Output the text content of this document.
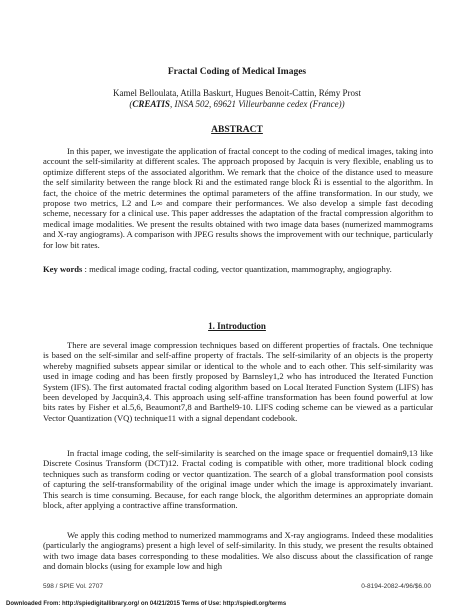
Fractal Coding of Medical Images
Kamel Belloulata, Atilla Baskurt, Hugues Benoit-Cattin, Rémy Prost
(CREATIS, INSA 502, 69621 Villeurbanne cedex (France))
ABSTRACT

In this paper, we investigate the application of fractal concept to the coding of medical images, taking into account the self-similarity at different scales. The approach proposed by Jacquin is very flexible, enabling us to optimize different steps of the associated algorithm. We remark that the choice of the distance used to measure the self similarity between the range block Ri and the estimated range block R̂i is essential to the algorithm. In fact, the choice of the metric determines the optimal parameters of the affine transformation. In our study, we propose two metrics, L2 and L∞ and compare their performances. We also develop a simple fast decoding scheme, necessary for a clinical use. This paper addresses the adaptation of the fractal compression algorithm to medical image modalities. We present the results obtained with two image data bases (numerized mammograms and X-ray angiograms). A comparison with JPEG results shows the improvement with our technique, particularly for low bit rates.

Key words : medical image coding, fractal coding, vector quantization, mammography, angiography.

1. Introduction

There are several image compression techniques based on different properties of fractals. One technique is based on the self-similar and self-affine property of fractals. The self-similarity of an objects is the property whereby magnified subsets appear similar or identical to the whole and to each other. This self-similarity was used in image coding and has been firstly proposed by Barnsley1,2 who has introduced the Iterated Function System (IFS). The first automated fractal coding algorithm based on Local Iterated Function System (LIFS) has been developed by Jacquin3,4. This approach using self-affine transformation has been found powerful at low bits rates by Fisher et al.5,6, Beaumont7,8 and Barthel9-10. LIFS coding scheme can be viewed as a particular Vector Quantization (VQ) technique11 with a signal dependant codebook.

In fractal image coding, the self-similarity is searched on the image space or frequentiel domain9,13 like Discrete Cosinus Transform (DCT)12. Fractal coding is compatible with other, more traditional block coding techniques such as transform coding or vector quantization. The search of a global transformation pool consists of capturing the self-transformability of the original image under which the image is approximately invariant. This search is time consuming. Because, for each range block, the algorithm determines an appropriate domain block, after applying a contractive affine transformation.

We apply this coding method to numerized mammograms and X-ray angiograms. Indeed these modalities (particularly the angiograms) present a high level of self-similarity. In this study, we present the results obtained with two image data bases corresponding to these modalities. We also discuss about the classification of range and domain blocks (using for example low and high

598 / SPIE Vol. 2707	0-8194-2082-4/96/$6.00
Downloaded From: http://spiedigitallibrary.org/ on 04/21/2015 Terms of Use: http://spiedl.org/terms
